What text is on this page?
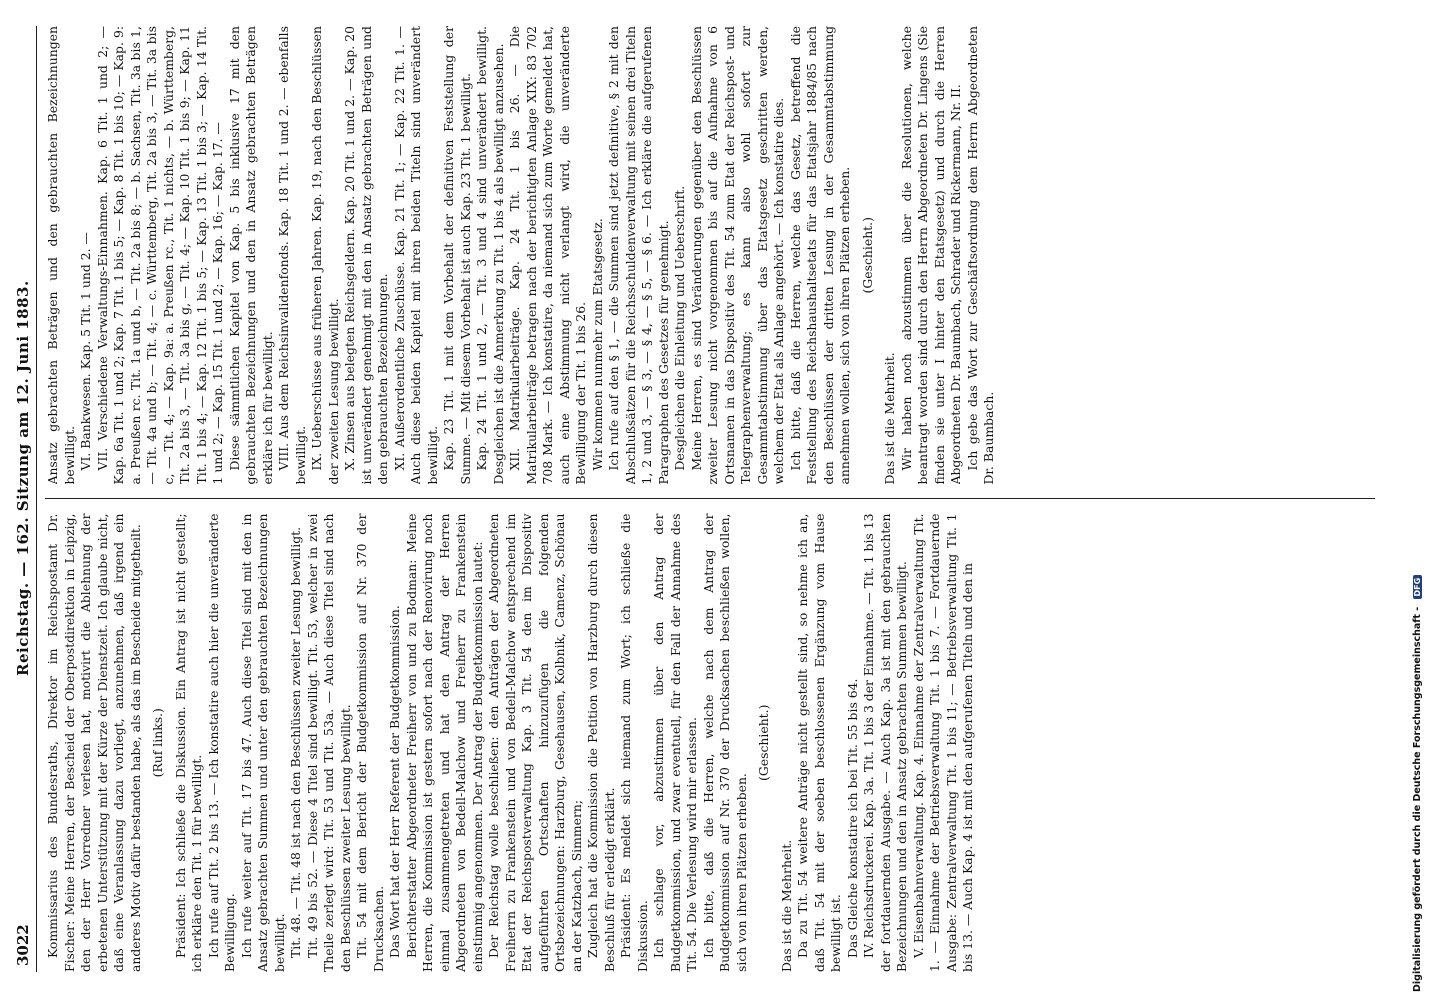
3022
Reichstag. — 162. Sitzung am 12. Juni 1883.

Kommissarius des Bundesraths, Direktor im Reichspostamt Dr. Fischer: Meine Herren, der Bescheid der Oberpostdirektion in Leipzig, den der Herr Vorredner verlesen hat, motivirt die Ablehnung der erbetenen Unterstützung mit der Kürze der Dienstzeit. Ich glaube nicht, daß eine Veranlassung dazu vorliegt, anzunehmen, daß irgend ein anderes Motiv dafür bestanden habe, als das im Bescheide mitgetheilt. (Ruf links.) Präsident: Ich schließe die Diskussion. Ein Antrag ist nicht gestellt; ich erkläre den Tit. 1 für bewilligt. Ich rufe auf Tit. 2 bis 13. — Ich konstatire auch hier die unveränderte Bewilligung. Ich rufe weiter auf Tit. 17 bis 47. Auch diese Titel sind mit den in Ansatz gebrachten Summen und unter den gebrauchten Bezeichnungen bewilligt. Tit. 48. — Tit. 48 ist nach den Beschlüssen zweiter Lesung bewilligt. Tit. 49 bis 52. — Diese 4 Titel sind bewilligt. Tit. 53, welcher in zwei Theile zerlegt wird: Tit. 53 und Tit. 53a. — Auch diese Titel sind nach den Beschlüssen zweiter Lesung bewilligt. Tit. 54 mit dem Bericht der Budgetkommission auf Nr. 370 der Drucksachen. Das Wort hat der Herr Referent der Budgetkommission. Berichterstatter Abgeordneter Freiherr von und zu Bodman: Meine Herren, die Kommission ist gestern sofort nach der Renovirung noch einmal zusammengetreten und hat den Antrag der Herren Abgeordneten von Bedell-Malchow und Freiherr zu Frankenstein einstimmig angenommen. Der Antrag der Budgetkommission lautet: Der Reichstag wolle beschließen: den Anträgen der Abgeordneten Freiherrn zu Frankenstein und von Bedell-Malchow entsprechend im Etat der Reichspostverwaltung Kap. 3 Tit. 54 den im Dispositiv aufgeführten Ortschaften hinzuzufügen die folgenden Ortsbezeichnungen: Harzburg, Gesehausen, Kolbnik, Camenz, Schönau an der Katzbach, Simmern; Zugleich hat die Kommission die Petition von Harzburg durch diesen Beschluß für erledigt erklärt. Präsident: Es meldet sich niemand zum Wort; ich schließe die Diskussion. Ich schlage vor, abzustimmen über den Antrag der Budgetkommission, und zwar eventuell, für den Fall der Annahme des Tit. 54. Die Verlesung wird mir erlassen. Ich bitte, daß die Herren, welche nach dem Antrag der Budgetkommission auf Nr. 370 der Drucksachen beschließen wollen, sich von ihren Plätzen erheben.

(Geschieht.)

Das ist die Mehrheit. Da zu Tit. 54 weitere Anträge nicht gestellt sind, so nehme ich an, daß Tit. 54 mit der soeben beschlossenen Ergänzung vom Hause bewilligt ist. Das Gleiche konstatire ich bei Tit. 55 bis 64. IV. Reichsdruckerei. Kap. 3a. Tit. 1 bis 3 der Einnahme. — Tit. 1 bis 13 der fortdauernden Ausgabe. — Auch Kap. 3a ist mit den gebrauchten Bezeichnungen und den in Ansatz gebrachten Summen bewilligt. V. Eisenbahnverwaltung. Kap. 4. Einnahme der Zentralverwaltung Tit. 1. — Einnahme der Betriebsverwaltung Tit. 1 bis 7. — Fortdauernde Ausgabe: Zentralverwaltung Tit. 1 bis 11; — Betriebsverwaltung Tit. 1 bis 13. — Auch Kap. 4 ist mit den aufgerufenen Titeln und den in

Ansatz gebrachten Beträgen und den gebrauchten Bezeichnungen bewilligt. VI. Bankwesen. Kap. 5 Tit. 1 und 2. — VII. Verschiedene Verwaltungs-Einnahmen. Kap. 6 Tit. 1 und 2; — Kap. 6a Tit. 1 und 2; Kap. 7 Tit. 1 bis 5; — Kap. 8 Tit. 1 bis 10; — Kap. 9: a. Preußen rc. Tit. 1a und b, — Tit. 2a bis 8; — b. Sachsen, Tit. 3a bis 1, — Tit. 4a und b; — Tit. 4; — c. Württemberg, Tit. 2a bis 3, — Tit. 3a bis c, — Tit. 4; — Kap. 9a: a. Preußen rc., Tit. 1 nichts, — b. Württemberg, Tit. 2a bis 3, — Tit. 3a bis g, — Tit. 4; — Kap. 10 Tit. 1 bis 9; — Kap. 11 Tit. 1 bis 4; — Kap. 12 Tit. 1 bis 5; — Kap. 13 Tit. 1 bis 3; — Kap. 14 Tit. 1 und 2; — Kap. 15 Tit. 1 und 2; — Kap. 16; — Kap. 17. — Diese sämmtlichen Kapitel von Kap. 5 bis inklusive 17 mit den gebrauchten Bezeichnungen und den in Ansatz gebrachten Beträgen erkläre ich für bewilligt. VIII. Aus dem Reichsinvalidenfonds. Kap. 18 Tit. 1 und 2. — ebenfalls bewilligt. IX. Ueberschüsse aus früheren Jahren. Kap. 19, nach den Beschlüssen der zweiten Lesung bewilligt. X. Zinsen aus belegten Reichsgeldern. Kap. 20 Tit. 1 und 2. — Kap. 20 ist unverändert genehmigt mit den in Ansatz gebrachten Beträgen und den gebrauchten Bezeichnungen. XI. Außerordentliche Zuschüsse. Kap. 21 Tit. 1; — Kap. 22 Tit. 1. — Auch diese beiden Kapitel mit ihren beiden Titeln sind unverändert bewilligt. Kap. 23 Tit. 1 mit dem Vorbehalt der definitiven Feststellung der Summe. — Mit diesem Vorbehalt ist auch Kap. 23 Tit. 1 bewilligt. Kap. 24 Tit. 1 und 2, — Tit. 3 und 4 sind unverändert bewilligt. Desgleichen ist die Anmerkung zu Tit. 1 bis 4 als bewilligt anzusehen. XII. Matrikularbeiträge. Kap. 24 Tit. 1 bis 26. — Die Matrikularbeiträge betragen nach der berichtigten Anlage XIX: 83 702 708 Mark. — Ich konstatire, da niemand sich zum Worte gemeldet hat, auch eine Abstimmung nicht verlangt wird, die unveränderte Bewilligung der Tit. 1 bis 26. Wir kommen nunmehr zum Etatsgesetz. Ich rufe auf den § 1, — die Summen sind jetzt definitive, § 2 mit den Abschlußsätzen für die Reichsschuldenverwaltung mit seinen drei Titeln 1, 2 und 3, — § 3, — § 4, — § 5, — § 6. — Ich erkläre die aufgerufenen Paragraphen des Gesetzes für genehmigt. Desgleichen die Einleitung und Ueberschrift. Meine Herren, es sind Veränderungen gegenüber den Beschlüssen zweiter Lesung nicht vorgenommen bis auf die Aufnahme von 6 Ortsnamen in das Dispositiv des Tit. 54 zum Etat der Reichspost- und Telegraphenverwaltung; es kann also wohl sofort zur Gesammtabstimmung über das Etatsgesetz geschritten werden, welchem der Etat als Anlage angehört. — Ich konstatire dies. Ich bitte, daß die Herren, welche das Gesetz, betreffend die Feststellung des Reichshaushaltsetats für das Etatsjahr 1884/85 nach den Beschlüssen der dritten Lesung in der Gesammtabstimmung annehmen wollen, sich von ihren Plätzen erheben. (Geschieht.)

Das ist die Mehrheit. Wir haben noch abzustimmen über die Resolutionen, welche beantragt worden sind durch den Herrn Abgeordneten Dr. Lingens (Sie finden sie unter I hinter den Etatsgesetz) und durch die Herren Abgeordneten Dr. Baumbach, Schrader und Rickermann, Nr. II. Ich gebe das Wort zur Geschäftsordnung dem Herrn Abgeordneten Dr. Baumbach.

Digitalisierung gefördert durch die Deutsche Forschungsgemeinschaft - DFG
